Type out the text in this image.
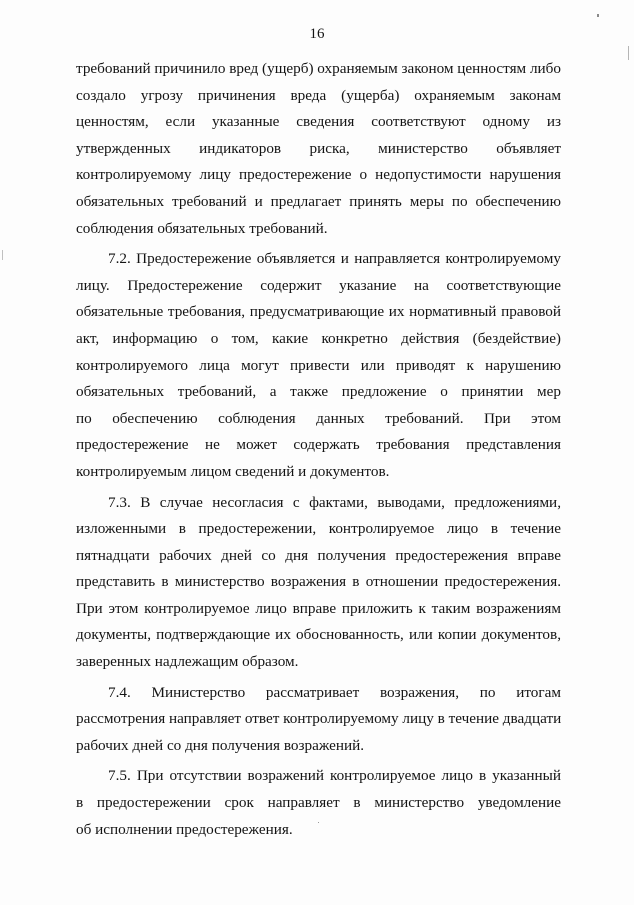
16
требований причинило вред (ущерб) охраняемым законом ценностям либо
создало угрозу причинения вреда (ущерба) охраняемым законам
ценностям, если указанные сведения соответствуют одному из
утвержденных индикаторов риска, министерство объявляет
контролируемому лицу предостережение о недопустимости нарушения
обязательных требований и предлагает принять меры по обеспечению
соблюдения обязательных требований.
7.2. Предостережение объявляется и направляется контролируемому
лицу. Предостережение содержит указание на соответствующие
обязательные требования, предусматривающие их нормативный правовой
акт, информацию о том, какие конкретно действия (бездействие)
контролируемого лица могут привести или приводят к нарушению
обязательных требований, а также предложение о принятии мер
по обеспечению соблюдения данных требований. При этом
предостережение не может содержать требования представления
контролируемым лицом сведений и документов.
7.3. В случае несогласия с фактами, выводами, предложениями,
изложенными в предостережении, контролируемое лицо в течение
пятнадцати рабочих дней со дня получения предостережения вправе
представить в министерство возражения в отношении предостережения.
При этом контролируемое лицо вправе приложить к таким возражениям
документы, подтверждающие их обоснованность, или копии документов,
заверенных надлежащим образом.
7.4. Министерство рассматривает возражения, по итогам
рассмотрения направляет ответ контролируемому лицу в течение двадцати
рабочих дней со дня получения возражений.
7.5. При отсутствии возражений контролируемое лицо в указанный
в предостережении срок направляет в министерство уведомление
об исполнении предостережения.
